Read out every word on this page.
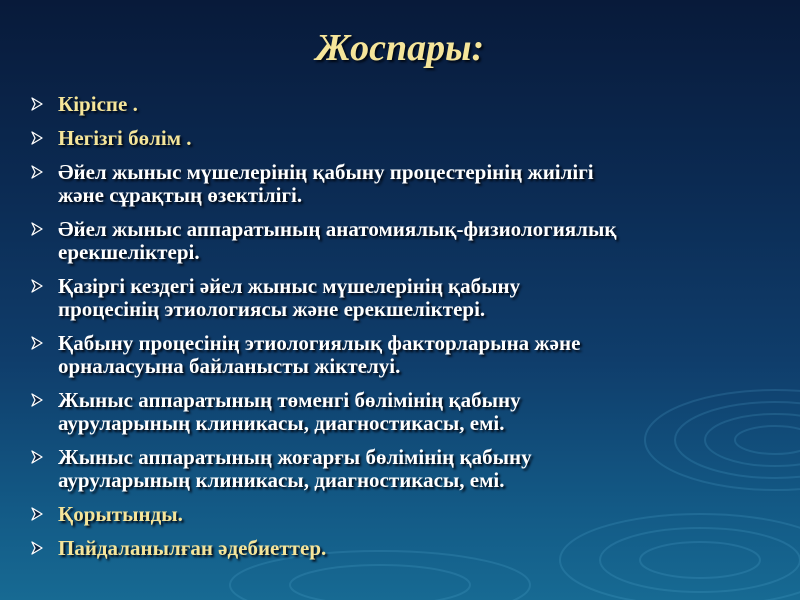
Жоспары:
Кіріспе .
Негізгі бөлім .
Әйел жыныс мүшелерінің қабыну процестерінің жиілігі
және сұрақтың өзектілігі.
Әйел жыныс аппаратының анатомиялық-физиологиялық
ерекшеліктері.
Қазіргі кездегі әйел жыныс мүшелерінің қабыну
процесінің этиологиясы және ерекшеліктері.
Қабыну процесінің этиологиялық факторларына және
орналасуына байланысты жіктелуі.
Жыныс аппаратының төменгі бөлімінің қабыну
ауруларының клиникасы, диагностикасы, емі.
Жыныс аппаратының жоғарғы бөлімінің қабыну
ауруларының клиникасы, диагностикасы, емі.
Қорытынды.
Пайдаланылған әдебиеттер.
